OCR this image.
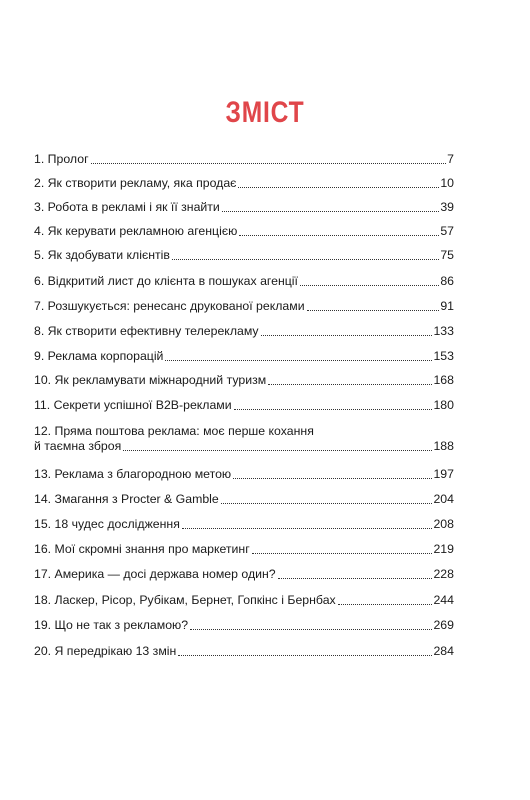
ЗМІСТ
1. Пролог	7
2. Як створити рекламу, яка продає	10
3. Робота в рекламі і як її знайти	39
4. Як керувати рекламною агенцією	57
5. Як здобувати клієнтів	75
6. Відкритий лист до клієнта в пошуках агенції	86
7. Розшукується: ренесанс друкованої реклами	91
8. Як створити ефективну телерекламу	133
9. Реклама корпорацій	153
10. Як рекламувати міжнародний туризм	168
11. Секрети успішної B2B-реклами	180
12. Пряма поштова реклама: моє перше кохання
й таємна зброя	188
13. Реклама з благородною метою	197
14. Змагання з Procter & Gamble	204
15. 18 чудес дослідження	208
16. Мої скромні знання про маркетинг	219
17. Америка — досі держава номер один?	228
18. Ласкер, Рісор, Рубікам, Бернет, Гопкінс і Бернбах	244
19. Що не так з рекламою?	269
20. Я передрікаю 13 змін	284
